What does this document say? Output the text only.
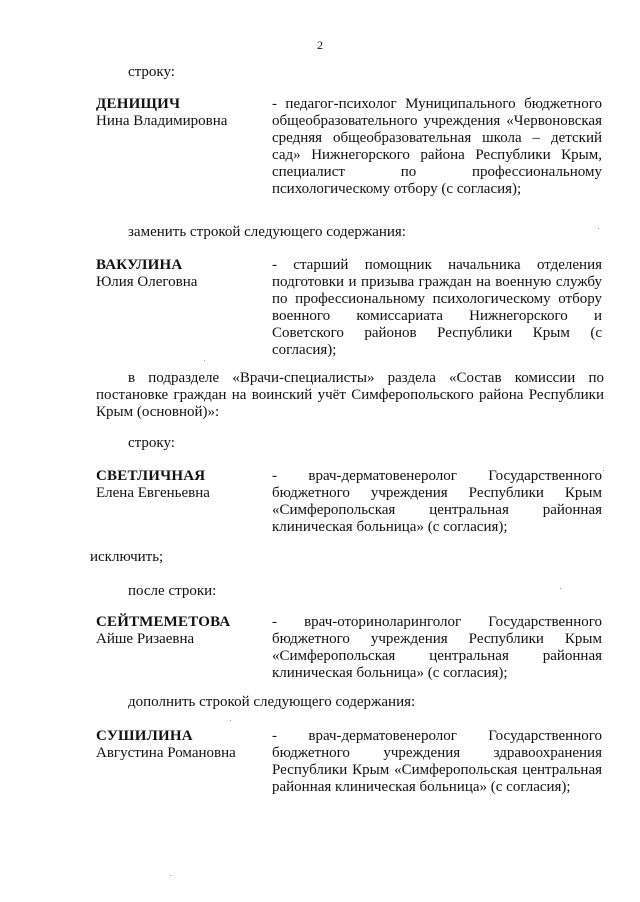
2
строку:
ДЕНИЩИЧ
Нина Владимировна
- педагог-психолог Муниципального бюджетного общеобразовательного учреждения «Червоновская средняя общеобразовательная школа – детский сад» Нижнегорского района Республики Крым, специалист по профессиональному психологическому отбору (с согласия);
заменить строкой следующего содержания:
ВАКУЛИНА
Юлия Олеговна
- старший помощник начальника отделения подготовки и призыва граждан на военную службу по профессиональному психологическому отбору военного комиссариата Нижнегорского и Советского районов Республики Крым (с согласия);
в подразделе «Врачи-специалисты» раздела «Состав комиссии по постановке граждан на воинский учёт Симферопольского района Республики Крым (основной)»:
строку:
СВЕТЛИЧНАЯ
Елена Евгеньевна
- врач-дерматовенеролог Государственного бюджетного учреждения Республики Крым «Симферопольская центральная районная клиническая больница» (с согласия);
исключить;
после строки:
СЕЙТМЕМЕТОВА
Айше Ризаевна
- врач-оториноларинголог Государственного бюджетного учреждения Республики Крым «Симферопольская центральная районная клиническая больница» (с согласия);
дополнить строкой следующего содержания:
СУШИЛИНА
Августина Романовна
- врач-дерматовенеролог Государственного бюджетного учреждения здравоохранения Республики Крым «Симферопольская центральная районная клиническая больница» (с согласия);
